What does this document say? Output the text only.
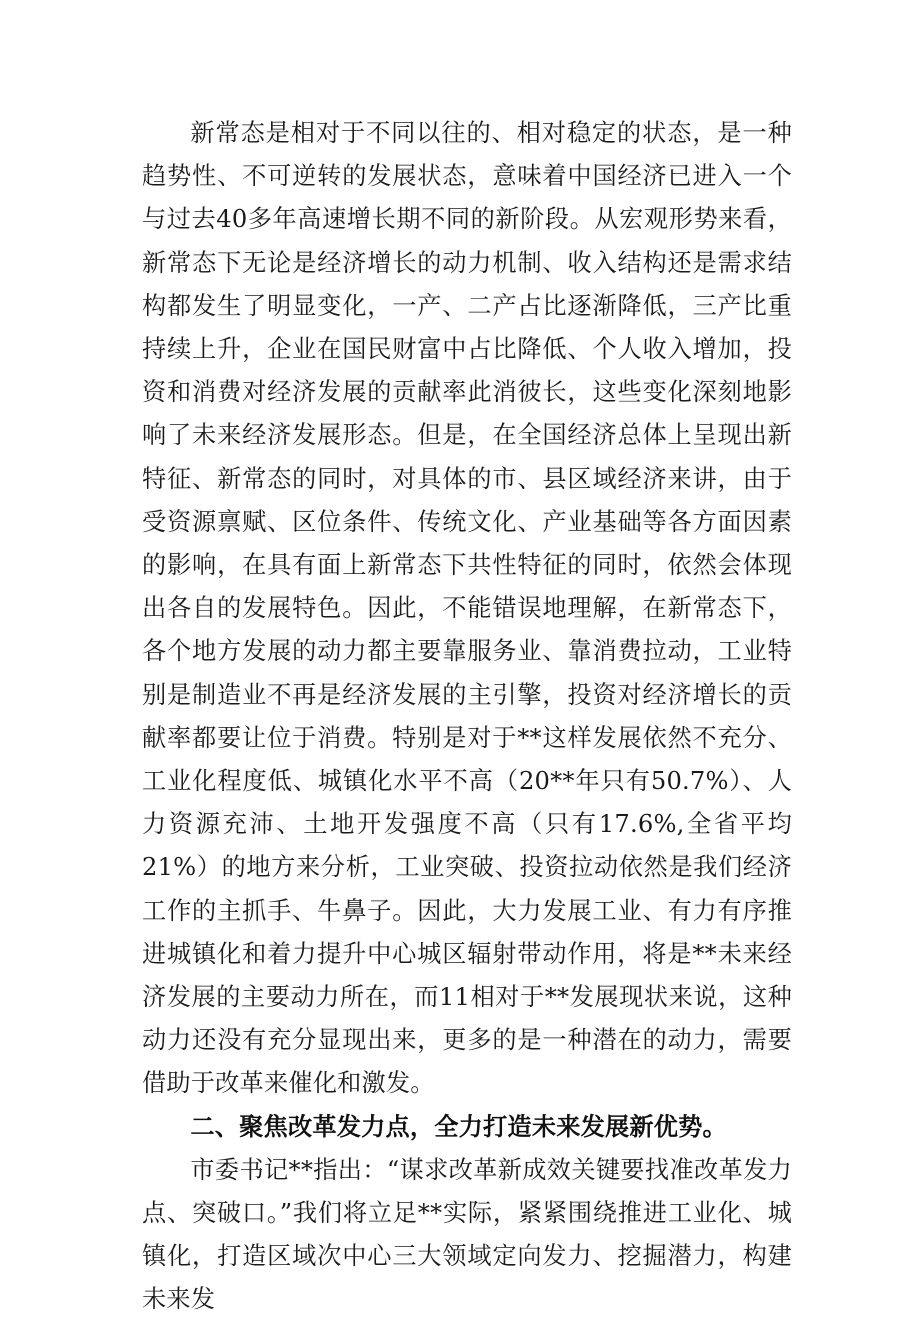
新常态是相对于不同以往的、相对稳定的状态，是一种趋势性、不可逆转的发展状态，意味着中国经济已进入一个与过去40多年高速增长期不同的新阶段。从宏观形势来看，新常态下无论是经济增长的动力机制、收入结构还是需求结构都发生了明显变化，一产、二产占比逐渐降低，三产比重持续上升，企业在国民财富中占比降低、个人收入增加，投资和消费对经济发展的贡献率此消彼长，这些变化深刻地影响了未来经济发展形态。但是，在全国经济总体上呈现出新特征、新常态的同时，对具体的市、县区域经济来讲，由于受资源禀赋、区位条件、传统文化、产业基础等各方面因素的影响，在具有面上新常态下共性特征的同时，依然会体现出各自的发展特色。因此，不能错误地理解，在新常态下，各个地方发展的动力都主要靠服务业、靠消费拉动，工业特别是制造业不再是经济发展的主引擎，投资对经济增长的贡献率都要让位于消费。特别是对于**这样发展依然不充分、工业化程度低、城镇化水平不高（20**年只有50.7%）、人力资源充沛、土地开发强度不高（只有17.6%,全省平均21%）的地方来分析，工业突破、投资拉动依然是我们经济工作的主抓手、牛鼻子。因此，大力发展工业、有力有序推进城镇化和着力提升中心城区辐射带动作用，将是**未来经济发展的主要动力所在，而11相对于**发展现状来说，这种动力还没有充分显现出来，更多的是一种潜在的动力，需要借助于改革来催化和激发。

二、聚焦改革发力点，全力打造未来发展新优势。

市委书记**指出：“谋求改革新成效关键要找准改革发力点、突破口。”我们将立足**实际，紧紧围绕推进工业化、城镇化，打造区域次中心三大领域定向发力、挖掘潜力，构建未来发
